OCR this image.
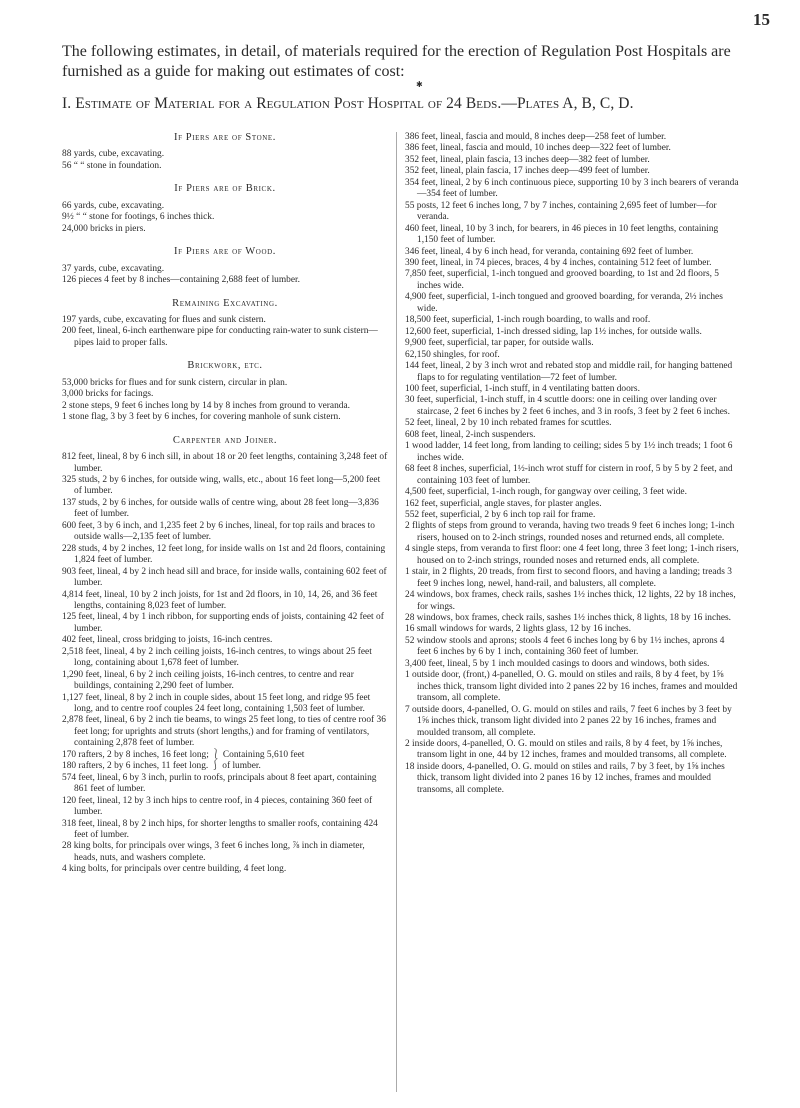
15
The following estimates, in detail, of materials required for the erection of Regulation Post Hospitals are furnished as a guide for making out estimates of cost:
✱
I. Estimate of Material for a Regulation Post Hospital of 24 Beds.—Plates A, B, C, D.
If Piers are of Stone.
88 yards, cube, excavating.
56 “ “ stone in foundation.
If Piers are of Brick.
66 yards, cube, excavating.
9½ “ “ stone for footings, 6 inches thick.
24,000 bricks in piers.
If Piers are of Wood.
37 yards, cube, excavating.
126 pieces 4 feet by 8 inches—containing 2,688 feet of lumber.
Remaining Excavating.
197 yards, cube, excavating for flues and sunk cistern.
200 feet, lineal, 6-inch earthenware pipe for conducting rain-water to sunk cistern—pipes laid to proper falls.
Brickwork, etc.
53,000 bricks for flues and for sunk cistern, circular in plan.
3,000 bricks for facings.
2 stone steps, 9 feet 6 inches long by 14 by 8 inches from ground to veranda.
1 stone flag, 3 by 3 feet by 6 inches, for covering manhole of sunk cistern.
Carpenter and Joiner.
812 feet, lineal, 8 by 6 inch sill, in about 18 or 20 feet lengths, containing 3,248 feet of lumber.
325 studs, 2 by 6 inches, for outside wing, walls, etc., about 16 feet long—5,200 feet of lumber.
137 studs, 2 by 6 inches, for outside walls of centre wing, about 28 feet long—3,836 feet of lumber.
600 feet, 3 by 6 inch, and 1,235 feet 2 by 6 inches, lineal, for top rails and braces to outside walls—2,135 feet of lumber.
228 studs, 4 by 2 inches, 12 feet long, for inside walls on 1st and 2d floors, containing 1,824 feet of lumber.
903 feet, lineal, 4 by 2 inch head sill and brace, for inside walls, containing 602 feet of lumber.
4,814 feet, lineal, 10 by 2 inch joists, for 1st and 2d floors, in 10, 14, 26, and 36 feet lengths, containing 8,023 feet of lumber.
125 feet, lineal, 4 by 1 inch ribbon, for supporting ends of joists, containing 42 feet of lumber.
402 feet, lineal, cross bridging to joists, 16-inch centres.
2,518 feet, lineal, 4 by 2 inch ceiling joists, 16-inch centres, to wings about 25 feet long, containing about 1,678 feet of lumber.
1,290 feet, lineal, 6 by 2 inch ceiling joists, 16-inch centres, to centre and rear buildings, containing 2,290 feet of lumber.
1,127 feet, lineal, 8 by 2 inch in couple sides, about 15 feet long, and ridge 95 feet long, and to centre roof couples 24 feet long, containing 1,503 feet of lumber.
2,878 feet, lineal, 6 by 2 inch tie beams, to wings 25 feet long, to ties of centre roof 36 feet long; for uprights and struts (short lengths,) and for framing of ventilators, containing 2,878 feet of lumber.
170 rafters, 2 by 8 inches, 16 feet long; ⎱ Containing 5,610 feet
180 rafters, 2 by 6 inches, 11 feet long. ⎰ of lumber.
574 feet, lineal, 6 by 3 inch, purlin to roofs, principals about 8 feet apart, containing 861 feet of lumber.
120 feet, lineal, 12 by 3 inch hips to centre roof, in 4 pieces, containing 360 feet of lumber.
318 feet, lineal, 8 by 2 inch hips, for shorter lengths to smaller roofs, containing 424 feet of lumber.
28 king bolts, for principals over wings, 3 feet 6 inches long, ⅞ inch in diameter, heads, nuts, and washers complete.
4 king bolts, for principals over centre building, 4 feet long.
386 feet, lineal, fascia and mould, 8 inches deep—258 feet of lumber.
386 feet, lineal, fascia and mould, 10 inches deep—322 feet of lumber.
352 feet, lineal, plain fascia, 13 inches deep—382 feet of lumber.
352 feet, lineal, plain fascia, 17 inches deep—499 feet of lumber.
354 feet, lineal, 2 by 6 inch continuous piece, supporting 10 by 3 inch bearers of veranda—354 feet of lumber.
55 posts, 12 feet 6 inches long, 7 by 7 inches, containing 2,695 feet of lumber—for veranda.
460 feet, lineal, 10 by 3 inch, for bearers, in 46 pieces in 10 feet lengths, containing 1,150 feet of lumber.
346 feet, lineal, 4 by 6 inch head, for veranda, containing 692 feet of lumber.
390 feet, lineal, in 74 pieces, braces, 4 by 4 inches, containing 512 feet of lumber.
7,850 feet, superficial, 1-inch tongued and grooved boarding, to 1st and 2d floors, 5 inches wide.
4,900 feet, superficial, 1-inch tongued and grooved boarding, for veranda, 2½ inches wide.
18,500 feet, superficial, 1-inch rough boarding, to walls and roof.
12,600 feet, superficial, 1-inch dressed siding, lap 1½ inches, for outside walls.
9,900 feet, superficial, tar paper, for outside walls.
62,150 shingles, for roof.
144 feet, lineal, 2 by 3 inch wrot and rebated stop and middle rail, for hanging battened flaps to for regulating ventilation—72 feet of lumber.
100 feet, superficial, 1-inch stuff, in 4 ventilating batten doors.
30 feet, superficial, 1-inch stuff, in 4 scuttle doors: one in ceiling over landing over staircase, 2 feet 6 inches by 2 feet 6 inches, and 3 in roofs, 3 feet by 2 feet 6 inches.
52 feet, lineal, 2 by 10 inch rebated frames for scuttles.
608 feet, lineal, 2-inch suspenders.
1 wood ladder, 14 feet long, from landing to ceiling; sides 5 by 1½ inch treads; 1 foot 6 inches wide.
68 feet 8 inches, superficial, 1½-inch wrot stuff for cistern in roof, 5 by 5 by 2 feet, and containing 103 feet of lumber.
4,500 feet, superficial, 1-inch rough, for gangway over ceiling, 3 feet wide.
162 feet, superficial, angle staves, for plaster angles.
552 feet, superficial, 2 by 6 inch top rail for frame.
2 flights of steps from ground to veranda, having two treads 9 feet 6 inches long; 1-inch risers, housed on to 2-inch strings, rounded noses and returned ends, all complete.
4 single steps, from veranda to first floor: one 4 feet long, three 3 feet long; 1-inch risers, housed on to 2-inch strings, rounded noses and returned ends, all complete.
1 stair, in 2 flights, 20 treads, from first to second floors, and having a landing; treads 3 feet 9 inches long, newel, hand-rail, and balusters, all complete.
24 windows, box frames, check rails, sashes 1½ inches thick, 12 lights, 22 by 18 inches, for wings.
28 windows, box frames, check rails, sashes 1½ inches thick, 8 lights, 18 by 16 inches.
16 small windows for wards, 2 lights glass, 12 by 16 inches.
52 window stools and aprons; stools 4 feet 6 inches long by 6 by 1½ inches, aprons 4 feet 6 inches by 6 by 1 inch, containing 360 feet of lumber.
3,400 feet, lineal, 5 by 1 inch moulded casings to doors and windows, both sides.
1 outside door, (front,) 4-panelled, O. G. mould on stiles and rails, 8 by 4 feet, by 1⅝ inches thick, transom light divided into 2 panes 22 by 16 inches, frames and moulded transom, all complete.
7 outside doors, 4-panelled, O. G. mould on stiles and rails, 7 feet 6 inches by 3 feet by 1⅝ inches thick, transom light divided into 2 panes 22 by 16 inches, frames and moulded transom, all complete.
2 inside doors, 4-panelled, O. G. mould on stiles and rails, 8 by 4 feet, by 1⅝ inches, transom light in one, 44 by 12 inches, frames and moulded transoms, all complete.
18 inside doors, 4-panelled, O. G. mould on stiles and rails, 7 by 3 feet, by 1⅝ inches thick, transom light divided into 2 panes 16 by 12 inches, frames and moulded transoms, all complete.
